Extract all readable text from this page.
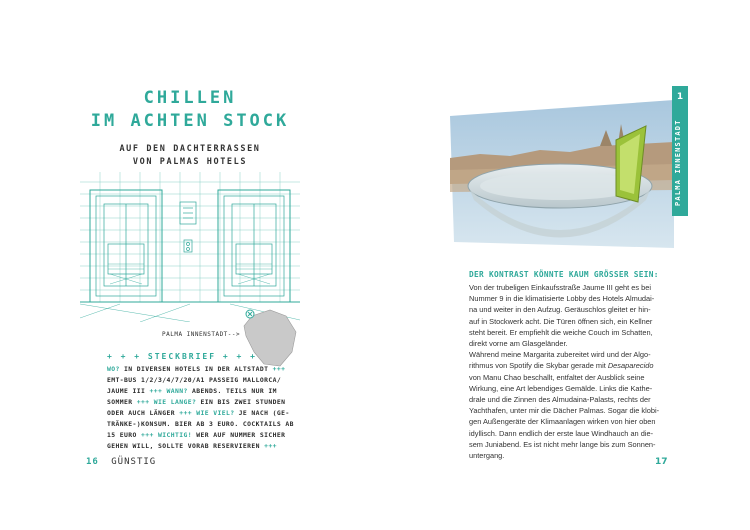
CHILLEN
IM ACHTEN STOCK
AUF DEN DACHTERRASSEN
VON PALMAS HOTELS
PALMA INNENSTADT-->
+ + + STECKBRIEF + + +
WO? IN DIVERSEN HOTELS IN DER ALTSTADT +++
EMT-BUS 1/2/3/4/7/20/A1 PASSEIG MALLORCA/
JAUME III +++ WANN? ABENDS. TEILS NUR IM
SOMMER +++ WIE LANGE? EIN BIS ZWEI STUNDEN
ODER AUCH LÄNGER +++ WIE VIEL? JE NACH (GE-
TRÄNKE-)KONSUM. BIER AB 3 EURO. COCKTAILS AB
15 EURO +++ WICHTIG! WER AUF NUMMER SICHER
GEHEN WILL, SOLLTE VORAB RESERVIEREN +++
16 GÜNSTIG
1
PALMA INNENSTADT
DER KONTRAST KÖNNTE KAUM GRÖSSER SEIN:
Von der trubeligen Einkaufsstraße Jaume III geht es bei
Nummer 9 in die klimatisierte Lobby des Hotels Almudai-
na und weiter in den Aufzug. Geräuschlos gleitet er hin-
auf in Stockwerk acht. Die Türen öffnen sich, ein Kellner
steht bereit. Er empfiehlt die weiche Couch im Schatten,
direkt vorne am Glasgeländer.
Während meine Margarita zubereitet wird und der Algo-
rithmus von Spotify die Skybar gerade mit Desaparecido
von Manu Chao beschallt, entfaltet der Ausblick seine
Wirkung, eine Art lebendiges Gemälde. Links die Kathe-
drale und die Zinnen des Almudaina-Palasts, rechts der
Yachthafen, unter mir die Dächer Palmas. Sogar die klobi-
gen Außengeräte der Klimaanlagen wirken von hier oben
idyllisch. Dann endlich der erste laue Windhauch an die-
sem Juniabend. Es ist nicht mehr lange bis zum Sonnen-
untergang.
17
